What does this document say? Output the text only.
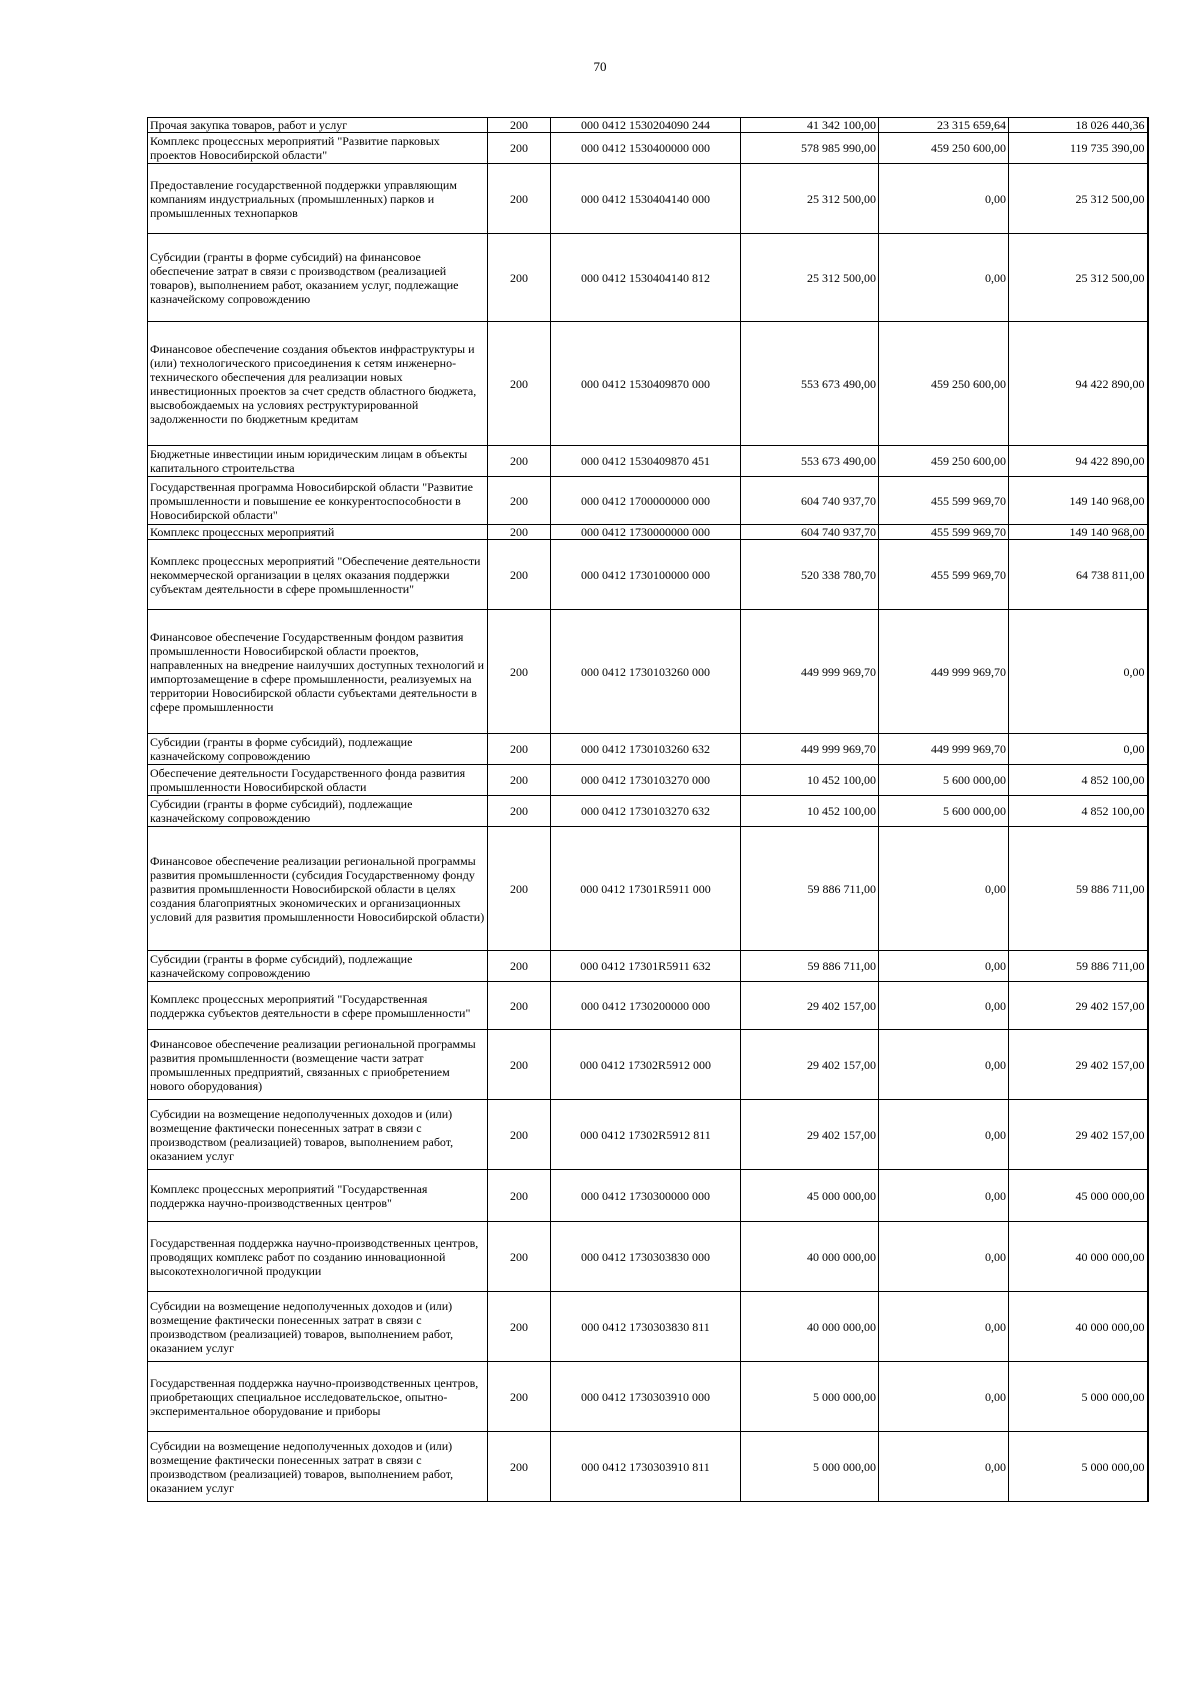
70
Прочая закупка товаров, работ и услуг	200	000 0412 1530204090 244	41 342 100,00	23 315 659,64	18 026 440,36
Комплекс процессных мероприятий "Развитие парковых проектов Новосибирской области"	200	000 0412 1530400000 000	578 985 990,00	459 250 600,00	119 735 390,00
Предоставление государственной поддержки управляющим компаниям индустриальных (промышленных) парков и промышленных технопарков	200	000 0412 1530404140 000	25 312 500,00	0,00	25 312 500,00
Субсидии (гранты в форме субсидий) на финансовое обеспечение затрат в связи с производством (реализацией товаров), выполнением работ, оказанием услуг, подлежащие казначейскому сопровождению	200	000 0412 1530404140 812	25 312 500,00	0,00	25 312 500,00
Финансовое обеспечение создания объектов инфраструктуры и (или) технологического присоединения к сетям инженерно-технического обеспечения для реализации новых инвестиционных проектов за счет средств областного бюджета, высвобождаемых на условиях реструктурированной задолженности по бюджетным кредитам	200	000 0412 1530409870 000	553 673 490,00	459 250 600,00	94 422 890,00
Бюджетные инвестиции иным юридическим лицам в объекты капитального строительства	200	000 0412 1530409870 451	553 673 490,00	459 250 600,00	94 422 890,00
Государственная программа Новосибирской области "Развитие промышленности и повышение ее конкурентоспособности в Новосибирской области"	200	000 0412 1700000000 000	604 740 937,70	455 599 969,70	149 140 968,00
Комплекс процессных мероприятий	200	000 0412 1730000000 000	604 740 937,70	455 599 969,70	149 140 968,00
Комплекс процессных мероприятий "Обеспечение деятельности некоммерческой организации в целях оказания поддержки субъектам деятельности в сфере промышленности"	200	000 0412 1730100000 000	520 338 780,70	455 599 969,70	64 738 811,00
Финансовое обеспечение Государственным фондом развития промышленности Новосибирской области проектов, направленных на внедрение наилучших доступных технологий и импортозамещение в сфере промышленности, реализуемых на территории Новосибирской области субъектами деятельности в сфере промышленности	200	000 0412 1730103260 000	449 999 969,70	449 999 969,70	0,00
Субсидии (гранты в форме субсидий), подлежащие казначейскому сопровождению	200	000 0412 1730103260 632	449 999 969,70	449 999 969,70	0,00
Обеспечение деятельности Государственного фонда развития промышленности Новосибирской области	200	000 0412 1730103270 000	10 452 100,00	5 600 000,00	4 852 100,00
Субсидии (гранты в форме субсидий), подлежащие казначейскому сопровождению	200	000 0412 1730103270 632	10 452 100,00	5 600 000,00	4 852 100,00
Финансовое обеспечение реализации региональной программы развития промышленности (субсидия Государственному фонду развития промышленности Новосибирской области в целях создания благоприятных экономических и организационных условий для развития промышленности Новосибирской области)	200	000 0412 17301R5911 000	59 886 711,00	0,00	59 886 711,00
Субсидии (гранты в форме субсидий), подлежащие казначейскому сопровождению	200	000 0412 17301R5911 632	59 886 711,00	0,00	59 886 711,00
Комплекс процессных мероприятий "Государственная поддержка субъектов деятельности в сфере промышленности"	200	000 0412 1730200000 000	29 402 157,00	0,00	29 402 157,00
Финансовое обеспечение реализации региональной программы развития промышленности (возмещение части затрат промышленных предприятий, связанных с приобретением нового оборудования)	200	000 0412 17302R5912 000	29 402 157,00	0,00	29 402 157,00
Субсидии на возмещение недополученных доходов и (или) возмещение фактически понесенных затрат в связи с производством (реализацией) товаров, выполнением работ, оказанием услуг	200	000 0412 17302R5912 811	29 402 157,00	0,00	29 402 157,00
Комплекс процессных мероприятий "Государственная поддержка научно-производственных центров"	200	000 0412 1730300000 000	45 000 000,00	0,00	45 000 000,00
Государственная поддержка научно-производственных центров, проводящих комплекс работ по созданию инновационной высокотехнологичной продукции	200	000 0412 1730303830 000	40 000 000,00	0,00	40 000 000,00
Субсидии на возмещение недополученных доходов и (или) возмещение фактически понесенных затрат в связи с производством (реализацией) товаров, выполнением работ, оказанием услуг	200	000 0412 1730303830 811	40 000 000,00	0,00	40 000 000,00
Государственная поддержка научно-производственных центров, приобретающих специальное исследовательское, опытно-экспериментальное оборудование и приборы	200	000 0412 1730303910 000	5 000 000,00	0,00	5 000 000,00
Субсидии на возмещение недополученных доходов и (или) возмещение фактически понесенных затрат в связи с производством (реализацией) товаров, выполнением работ, оказанием услуг	200	000 0412 1730303910 811	5 000 000,00	0,00	5 000 000,00
